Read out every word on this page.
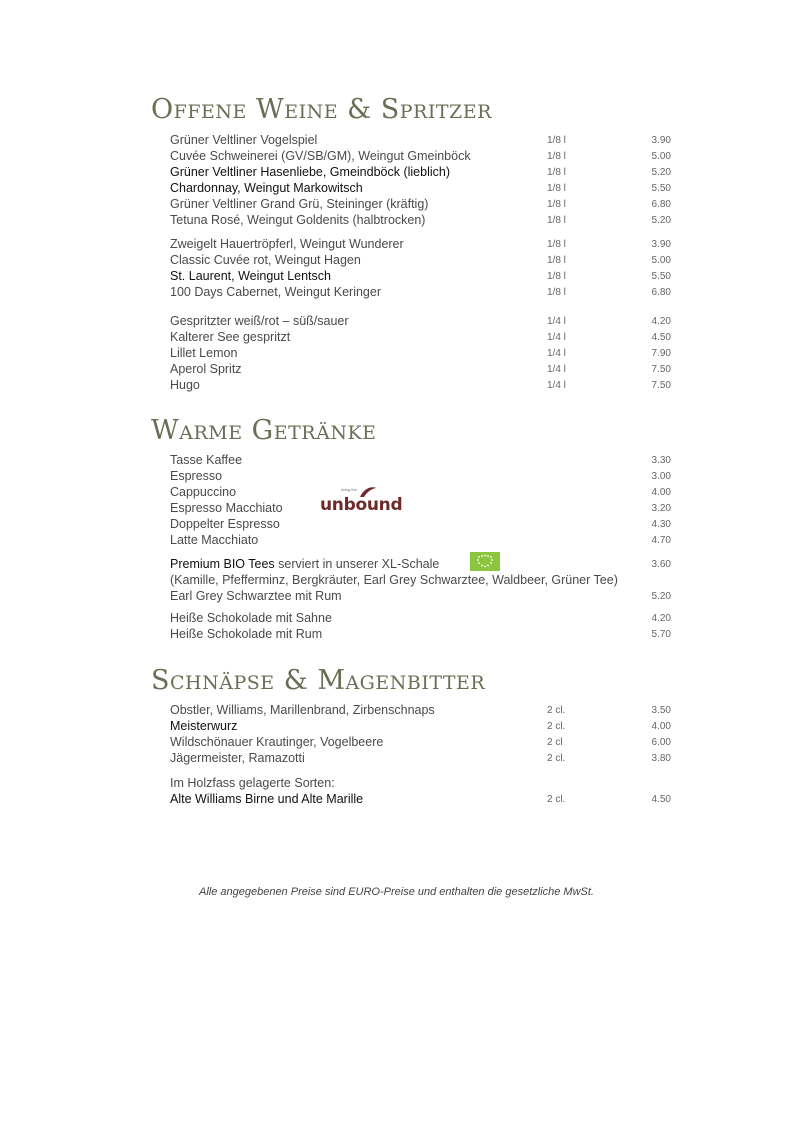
Offene Weine & Spritzer
Grüner Veltliner Vogelspiel	1/8 l	3.90
Cuvée Schweinerei (GV/SB/GM), Weingut Gmeinböck	1/8 l	5.00
Grüner Veltliner Hasenliebe, Gmeindböck (lieblich)	1/8 l	5.20
Chardonnay, Weingut Markowitsch	1/8 l	5.50
Grüner Veltliner Grand Grü, Steininger (kräftig)	1/8 l	6.80
Tetuna Rosé, Weingut Goldenits (halbtrocken)	1/8 l	5.20
Zweigelt Hauertröpferl, Weingut Wunderer	1/8 l	3.90
Classic Cuvée rot, Weingut Hagen	1/8 l	5.00
St. Laurent, Weingut Lentsch	1/8 l	5.50
100 Days Cabernet, Weingut Keringer	1/8 l	6.80
Gespritzter weiß/rot – süß/sauer	1/4 l	4.20
Kalterer See gespritzt	1/4 l	4.50
Lillet Lemon	1/4 l	7.90
Aperol Spritz	1/4 l	7.50
Hugo	1/4 l	7.50
Warme Getränke
Tasse Kaffee	3.30
Espresso	3.00
Cappuccino	4.00
Espresso Macchiato	3.20
Doppelter Espresso	4.30
Latte Macchiato	4.70
living the
unbound
Premium BIO Tees serviert in unserer XL-Schale	3.60
(Kamille, Pfefferminz, Bergkräuter, Earl Grey Schwarztee, Waldbeer, Grüner Tee)
Earl Grey Schwarztee mit Rum	5.20
Heiße Schokolade mit Sahne	4.20
Heiße Schokolade mit Rum	5.70
Schnäpse & Magenbitter
Obstler, Williams, Marillenbrand, Zirbenschnaps	2 cl.	3.50
Meisterwurz	2 cl.	4.00
Wildschönauer Krautinger, Vogelbeere	2 cl	6.00
Jägermeister, Ramazotti	2 cl.	3.80
Im Holzfass gelagerte Sorten:
Alte Williams Birne und Alte Marille	2 cl.	4.50
Alle angegebenen Preise sind EURO-Preise und enthalten die gesetzliche MwSt.
